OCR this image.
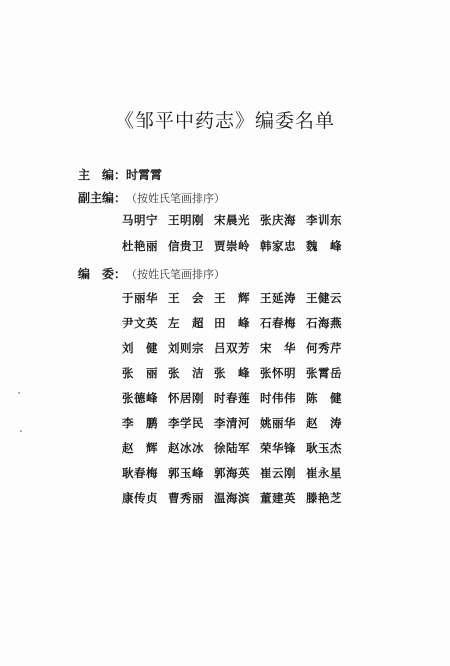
《邹平中药志》编委名单
主　编：时霄霄
副主编：（按姓氏笔画排序）
马明宁 王明刚 宋晨光 张庆海 李训东
杜艳丽 信贵卫 贾崇岭 韩家忠 魏　峰
编　委：（按姓氏笔画排序）
于丽华 王　会 王　辉 王延涛 王健云
尹文英 左　超 田　峰 石春梅 石海燕
刘　健 刘则宗 吕双芳 宋　华 何秀芹
张　丽 张　洁 张　峰 张怀明 张霄岳
张德峰 怀居刚 时春莲 时伟伟 陈　健
李　鹏 李学民 李清河 姚丽华 赵　涛
赵　辉 赵冰冰 徐陆军 荣华锋 耿玉杰
耿春梅 郭玉峰 郭海英 崔云刚 崔永星
康传贞 曹秀丽 温海滨 董建英 滕艳芝
